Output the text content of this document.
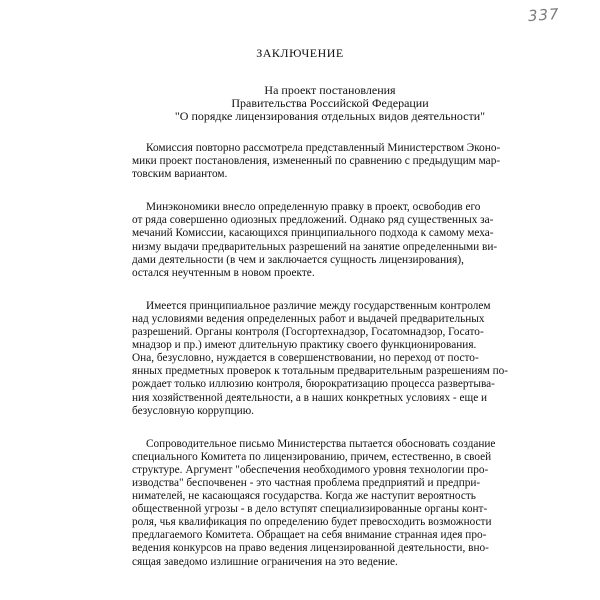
337
ЗАКЛЮЧЕНИЕ
На проект постановления
Правительства Российской Федерации
"О порядке лицензирования отдельных видов деятельности"
Комиссия повторно рассмотрела представленный Министерством Эконо-
мики проект постановления, измененный по сравнению с предыдущим мар-
товским вариантом.
Минэкономики внесло определенную правку в проект, освободив его
от ряда совершенно одиозных предложений. Однако ряд существенных за-
мечаний Комиссии, касающихся принципиального подхода к самому меха-
низму выдачи предварительных разрешений на занятие определенными ви-
дами деятельности (в чем и заключается сущность лицензирования),
остался неучтенным в новом проекте.
Имеется принципиальное различие между государственным контролем
над условиями ведения определенных работ и выдачей предварительных
разрешений. Органы контроля (Госгортехнадзор, Госатомнадзор, Госато-
мнадзор и пр.) имеют длительную практику своего функционирования.
Она, безусловно, нуждается в совершенствовании, но переход от посто-
янных предметных проверок к тотальным предварительным разрешениям по-
рождает только иллюзию контроля, бюрократизацию процесса развертыва-
ния хозяйственной деятельности, а в наших конкретных условиях - еще и
безусловную коррупцию.
Сопроводительное письмо Министерства пытается обосновать создание
специального Комитета по лицензированию, причем, естественно, в своей
структуре. Аргумент "обеспечения необходимого уровня технологии про-
изводства" беспочвенен - это частная проблема предприятий и предпри-
нимателей, не касающаяся государства. Когда же наступит вероятность
общественной угрозы - в дело вступят специализированные органы конт-
роля, чья квалификация по определению будет превосходить возможности
предлагаемого Комитета. Обращает на себя внимание странная идея про-
ведения конкурсов на право ведения лицензированной деятельности, вно-
сящая заведомо излишние ограничения на это ведение.
